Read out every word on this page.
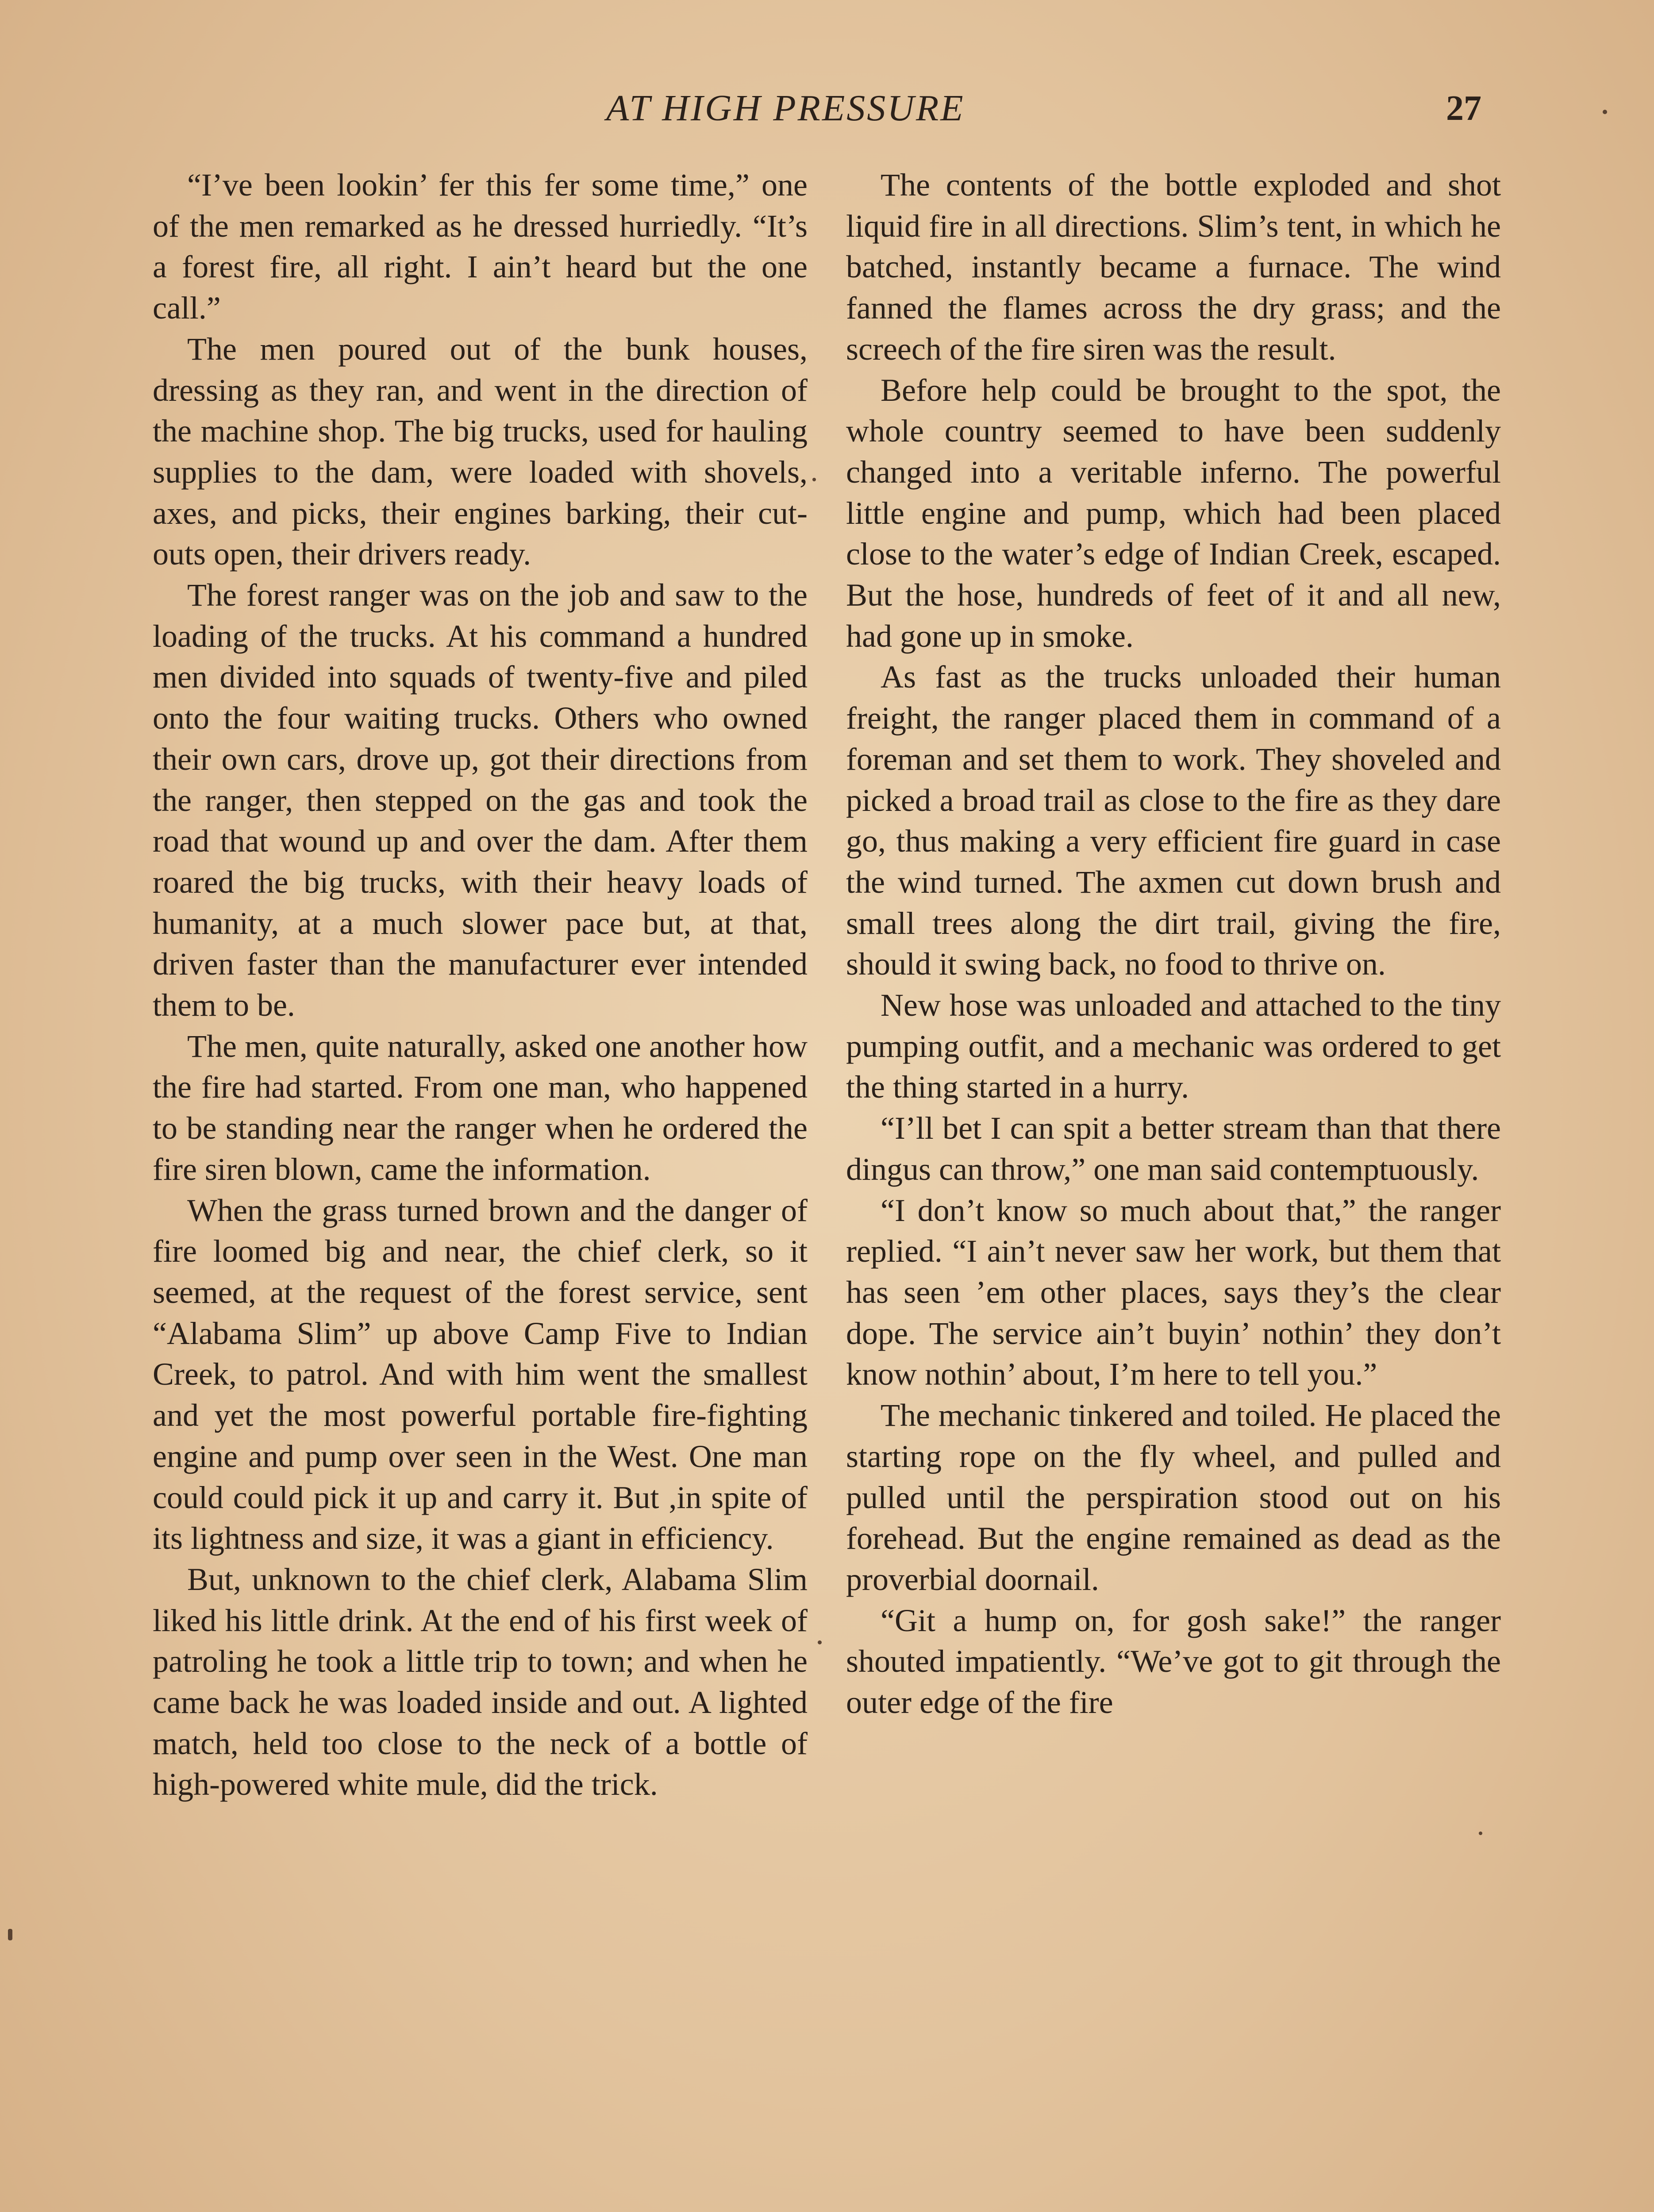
AT HIGH PRESSURE	27

“I’ve been lookin’ fer this fer some time,” one of the men remarked as he dressed hurriedly. “It’s a forest fire, all right. I ain’t heard but the one call.”

The men poured out of the bunk houses, dressing as they ran, and went in the direction of the machine shop. The big trucks, used for hauling supplies to the dam, were loaded with shovels, axes, and picks, their engines barking, their cut-outs open, their drivers ready.

The forest ranger was on the job and saw to the loading of the trucks. At his command a hundred men divided into squads of twenty-five and piled onto the four waiting trucks. Others who owned their own cars, drove up, got their directions from the ranger, then stepped on the gas and took the road that wound up and over the dam. After them roared the big trucks, with their heavy loads of humanity, at a much slower pace but, at that, driven faster than the manufacturer ever intended them to be.

The men, quite naturally, asked one another how the fire had started. From one man, who happened to be standing near the ranger when he ordered the fire siren blown, came the information.

When the grass turned brown and the danger of fire loomed big and near, the chief clerk, so it seemed, at the request of the forest service, sent “Alabama Slim” up above Camp Five to Indian Creek, to patrol. And with him went the smallest and yet the most powerful portable fire-fighting engine and pump over seen in the West. One man could could pick it up and carry it. But ,in spite of its lightness and size, it was a giant in efficiency.

But, unknown to the chief clerk, Alabama Slim liked his little drink. At the end of his first week of patroling he took a little trip to town; and when he came back he was loaded inside and out. A lighted match, held too close to the neck of a bottle of high-powered white mule, did the trick.

The contents of the bottle exploded and shot liquid fire in all directions. Slim’s tent, in which he batched, instantly became a furnace. The wind fanned the flames across the dry grass; and the screech of the fire siren was the result.

Before help could be brought to the spot, the whole country seemed to have been suddenly changed into a veritable inferno. The powerful little engine and pump, which had been placed close to the water’s edge of Indian Creek, escaped. But the hose, hundreds of feet of it and all new, had gone up in smoke.

As fast as the trucks unloaded their human freight, the ranger placed them in command of a foreman and set them to work. They shoveled and picked a broad trail as close to the fire as they dare go, thus making a very efficient fire guard in case the wind turned. The axmen cut down brush and small trees along the dirt trail, giving the fire, should it swing back, no food to thrive on.

New hose was unloaded and attached to the tiny pumping outfit, and a mechanic was ordered to get the thing started in a hurry.

“I’ll bet I can spit a better stream than that there dingus can throw,” one man said contemptuously.

“I don’t know so much about that,” the ranger replied. “I ain’t never saw her work, but them that has seen ’em other places, says they’s the clear dope. The service ain’t buyin’ nothin’ they don’t know nothin’ about, I’m here to tell you.”

The mechanic tinkered and toiled. He placed the starting rope on the fly wheel, and pulled and pulled until the perspiration stood out on his forehead. But the engine remained as dead as the proverbial doornail.

“Git a hump on, for gosh sake!” the ranger shouted impatiently. “We’ve got to git through the outer edge of the fire
